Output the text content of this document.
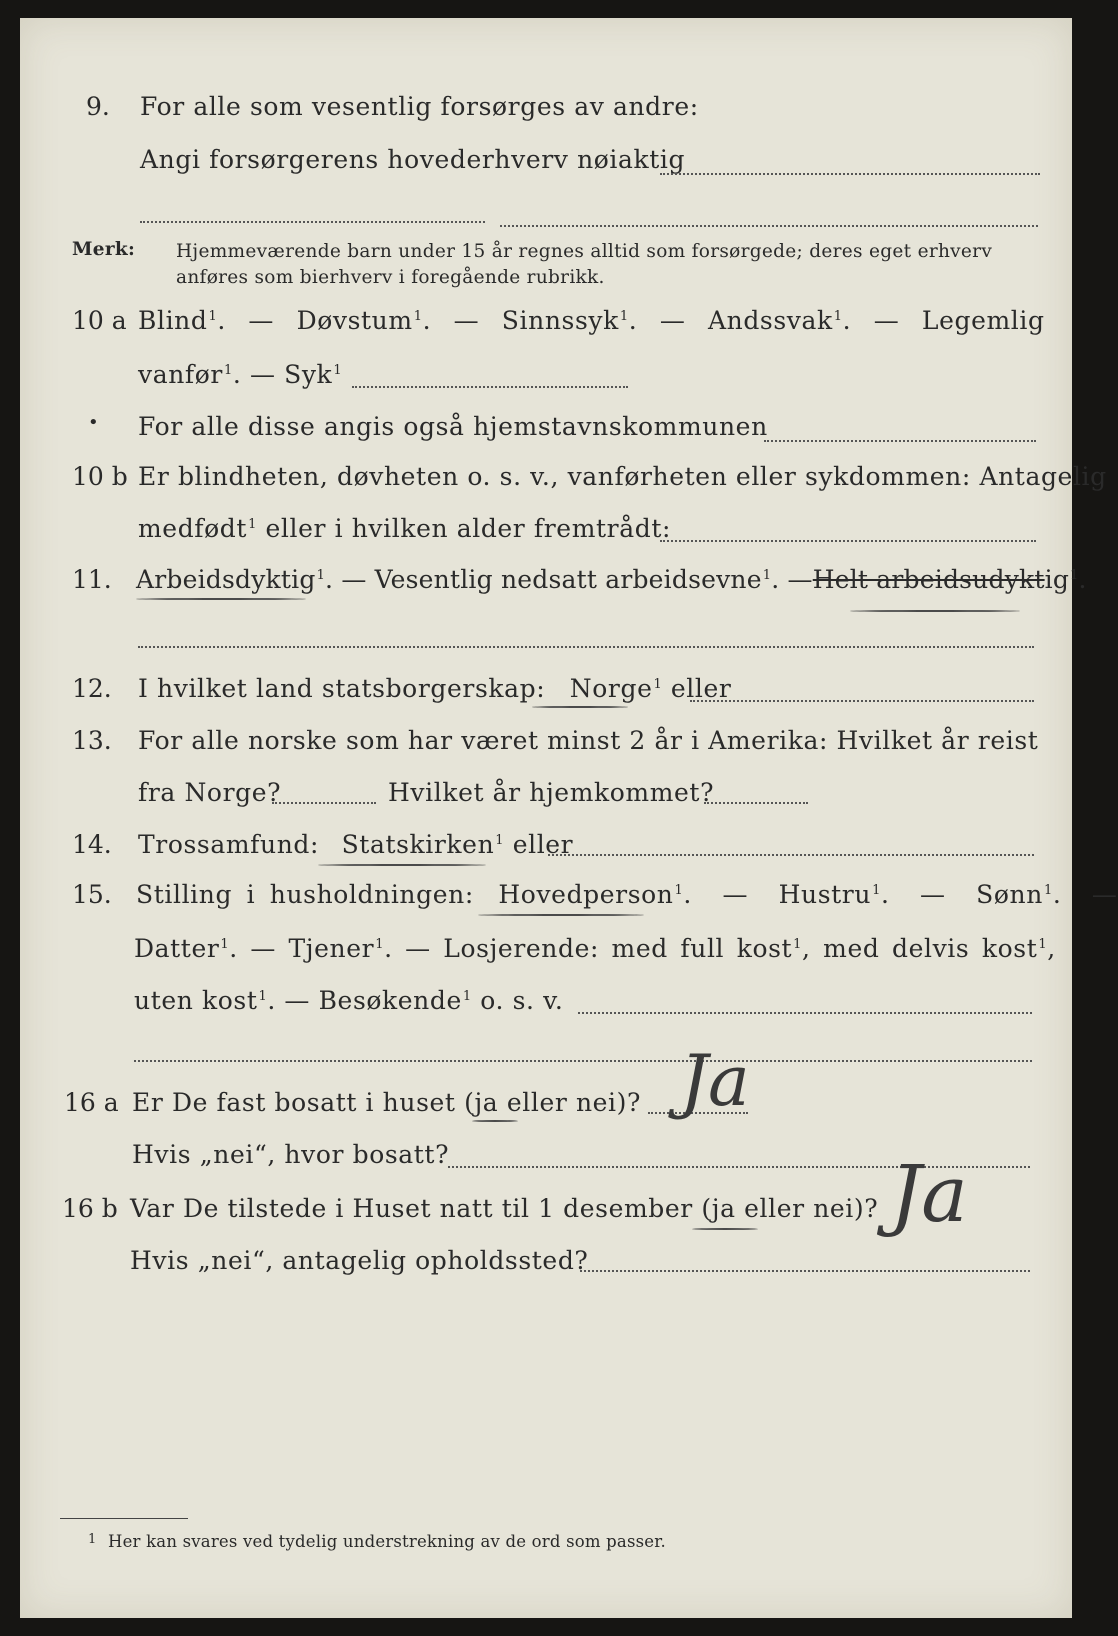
9. For alle som vesentlig forsørges av andre:
Angi forsørgerens hovederhverv nøiaktig
Merk: Hjemmeværende barn under 15 år regnes alltid som forsørgede; deres eget erhverv
anføres som bierhverv i foregående rubrikk.
10 a Blind$^1$. — Døvstum$^1$. — Sinnssyk$^1$. — Andssvak$^1$. — Legemlig
vanfør$^1$. — Syk$^1$
• For alle disse angis også hjemstavnskommunen
10 b Er blindheten, døvheten o. s. v., vanførheten eller sykdommen: Antagelig
medfødt$^1$ eller i hvilken alder fremtrådt:
11. Arbeidsdyktig$^1$. — Vesentlig nedsatt arbeidsevne$^1$. —Helt arbeidsudyktig$^1$.
12. I hvilket land statsborgerskap: Norge$^1$ eller
13. For alle norske som har været minst 2 år i Amerika: Hvilket år reist
fra Norge?	Hvilket år hjemkommet?
14. Trossamfund: Statskirken$^1$ eller
15. Stilling i husholdningen: Hovedperson$^1$. — Hustru$^1$. — Sønn$^1$. —
Datter$^1$. — Tjener$^1$. — Losjerende: med full kost$^1$, med delvis kost$^1$,
uten kost$^1$. — Besøkende$^1$ o. s. v.
16 a Er De fast bosatt i huset (ja eller nei)? Ja
Hvis „nei“, hvor bosatt?
16 b Var De tilstede i Huset natt til 1 desember (ja eller nei)? Ja
Hvis „nei“, antagelig opholdssted?
1 Her kan svares ved tydelig understrekning av de ord som passer.
